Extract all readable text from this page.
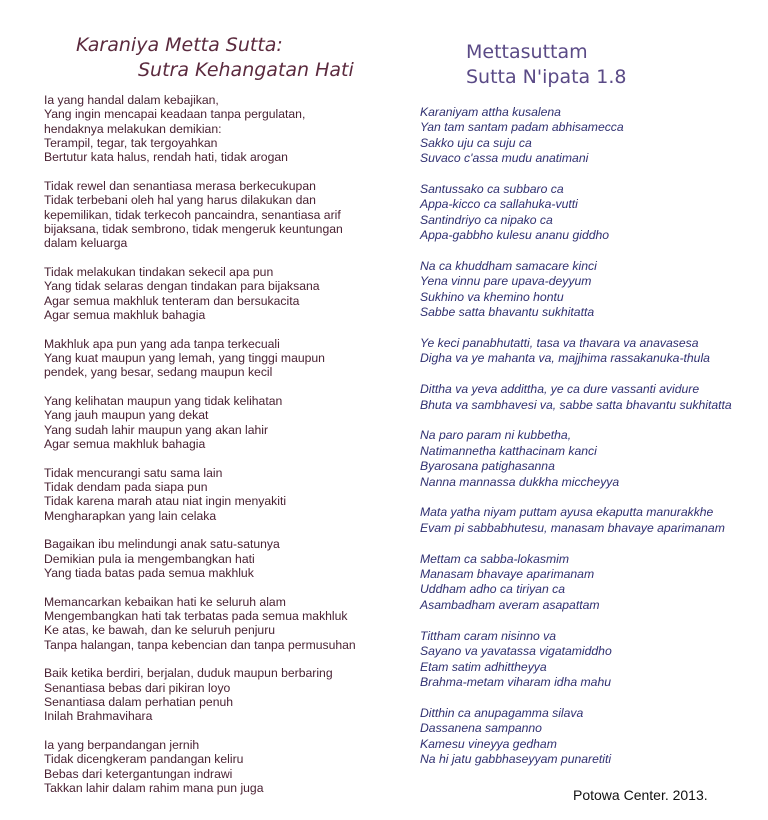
Karaniya Metta Sutta:
Sutra Kehangatan Hati
Mettasuttam
Sutta N'ipata 1.8
Ia yang handal dalam kebajikan,
Yang ingin mencapai keadaan tanpa pergulatan,
hendaknya melakukan demikian:
Terampil, tegar, tak tergoyahkan
Bertutur kata halus, rendah hati, tidak arogan
Tidak rewel dan senantiasa merasa berkecukupan
Tidak terbebani oleh hal yang harus dilakukan dan
kepemilikan, tidak terkecoh pancaindra, senantiasa arif
bijaksana, tidak sembrono, tidak mengeruk keuntungan
dalam keluarga
Tidak melakukan tindakan sekecil apa pun
Yang tidak selaras dengan tindakan para bijaksana
Agar semua makhluk tenteram dan bersukacita
Agar semua makhluk bahagia
Makhluk apa pun yang ada tanpa terkecuali
Yang kuat maupun yang lemah, yang tinggi maupun
pendek, yang besar, sedang maupun kecil
Yang kelihatan maupun yang tidak kelihatan
Yang jauh maupun yang dekat
Yang sudah lahir maupun yang akan lahir
Agar semua makhluk bahagia
Tidak mencurangi satu sama lain
Tidak dendam pada siapa pun
Tidak karena marah atau niat ingin menyakiti
Mengharapkan yang lain celaka
Bagaikan ibu melindungi anak satu-satunya
Demikian pula ia mengembangkan hati
Yang tiada batas pada semua makhluk
Memancarkan kebaikan hati ke seluruh alam
Mengembangkan hati tak terbatas pada semua makhluk
Ke atas, ke bawah, dan ke seluruh penjuru
Tanpa halangan, tanpa kebencian dan tanpa permusuhan
Baik ketika berdiri, berjalan, duduk maupun berbaring
Senantiasa bebas dari pikiran loyo
Senantiasa dalam perhatian penuh
Inilah Brahmavihara
Ia yang berpandangan jernih
Tidak dicengkeram pandangan keliru
Bebas dari ketergantungan indrawi
Takkan lahir dalam rahim mana pun juga
Karaniyam attha kusalena
Yan tam santam padam abhisamecca
Sakko uju ca suju ca
Suvaco c'assa mudu anatimani
Santussako ca subbaro ca
Appa-kicco ca sallahuka-vutti
Santindriyo ca nipako ca
Appa-gabbho kulesu ananu giddho
Na ca khuddham samacare kinci
Yena vinnu pare upava-deyyum
Sukhino va khemino hontu
Sabbe satta bhavantu sukhitatta
Ye keci panabhutatti, tasa va thavara va anavasesa
Digha va ye mahanta va, majjhima rassakanuka-thula
Dittha va yeva addittha, ye ca dure vassanti avidure
Bhuta va sambhavesi va, sabbe satta bhavantu sukhitatta
Na paro param ni kubbetha,
Natimannetha katthacinam kanci
Byarosana patighasanna
Nanna mannassa dukkha miccheyya
Mata yatha niyam puttam ayusa ekaputta manurakkhe
Evam pi sabbabhutesu, manasam bhavaye aparimanam
Mettam ca sabba-lokasmim
Manasam bhavaye aparimanam
Uddham adho ca tiriyan ca
Asambadham averam asapattam
Tittham caram nisinno va
Sayano va yavatassa vigatamiddho
Etam satim adhittheyya
Brahma-metam viharam idha mahu
Ditthin ca anupagamma silava
Dassanena sampanno
Kamesu vineyya gedham
Na hi jatu gabbhaseyyam punaretiti
Potowa Center. 2013.
